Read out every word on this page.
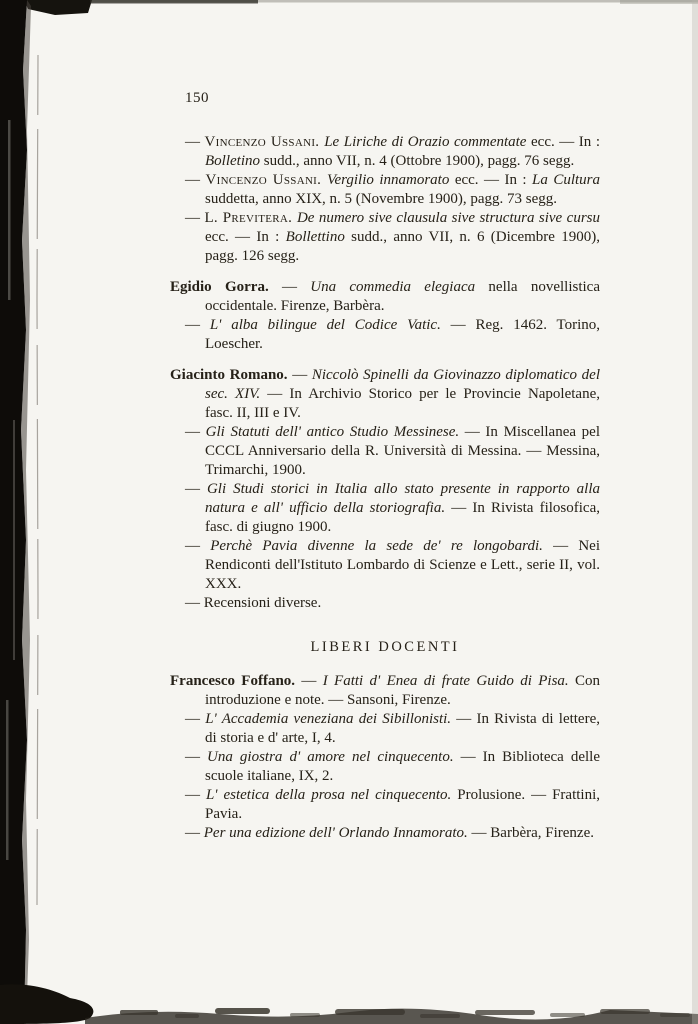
150

— Vincenzo Ussani. Le Liriche di Orazio commentate ecc. — In : Bolletino sudd., anno VII, n. 4 (Ottobre 1900), pagg. 76 segg.

— Vincenzo Ussani. Vergilio innamorato ecc. — In : La Cultura suddetta, anno XIX, n. 5 (Novembre 1900), pagg. 73 segg.

— L. Previtera. De numero sive clausula sive structura sive cursu ecc. — In : Bollettino sudd., anno VII, n. 6 (Dicembre 1900), pagg. 126 segg.

Egidio Gorra. — Una commedia elegiaca nella novellistica occidentale. Firenze, Barbèra.

— L' alba bilingue del Codice Vatic. — Reg. 1462. Torino, Loescher.

Giacinto Romano. — Niccolò Spinelli da Giovinazzo diplomatico del sec. XIV. — In Archivio Storico per le Provincie Napoletane, fasc. II, III e IV.

— Gli Statuti dell' antico Studio Messinese. — In Miscellanea pel CCCL Anniversario della R. Università di Messina. — Messina, Trimarchi, 1900.

— Gli Studi storici in Italia allo stato presente in rapporto alla natura e all' ufficio della storiografia. — In Rivista filosofica, fasc. di giugno 1900.

— Perchè Pavia divenne la sede de' re longobardi. — Nei Rendiconti dell'Istituto Lombardo di Scienze e Lett., serie II, vol. XXX.

— Recensioni diverse.

LIBERI DOCENTI

Francesco Foffano. — I Fatti d' Enea di frate Guido di Pisa. Con introduzione e note. — Sansoni, Firenze.

— L' Accademia veneziana dei Sibillonisti. — In Rivista di lettere, di storia e d' arte, I, 4.

— Una giostra d' amore nel cinquecento. — In Biblioteca delle scuole italiane, IX, 2.

— L' estetica della prosa nel cinquecento. Prolusione. — Frattini, Pavia.

— Per una edizione dell' Orlando Innamorato. — Barbèra, Firenze.
